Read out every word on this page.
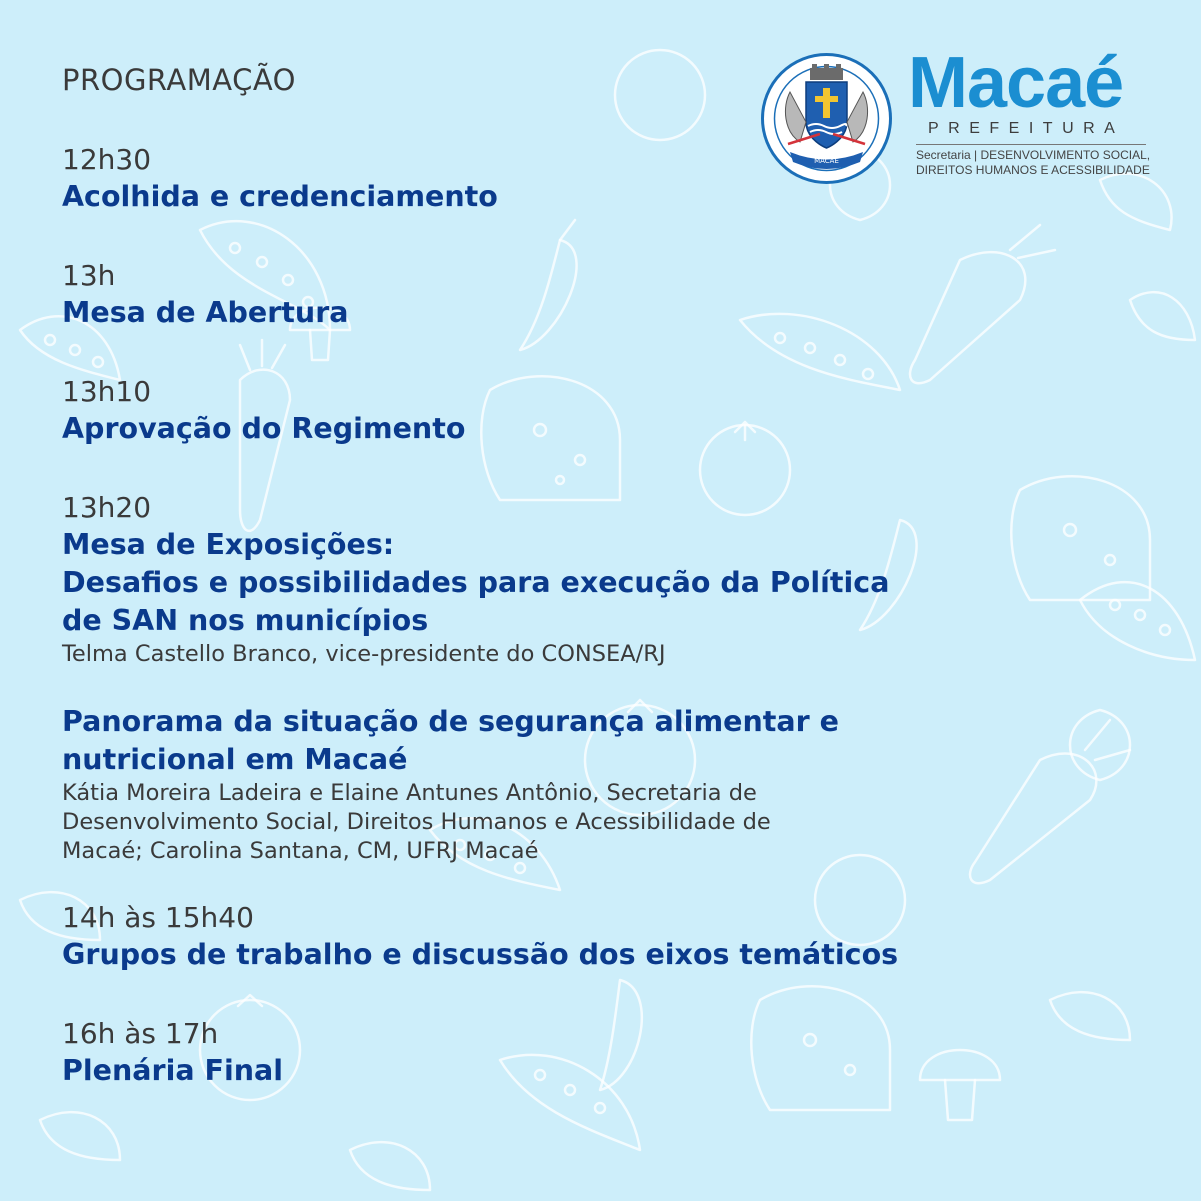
MACAÉ
Macaé
PREFEITURA
Secretaria | DESENVOLVIMENTO SOCIAL,
DIREITOS HUMANOS E ACESSIBILIDADE
PROGRAMAÇÃO
12h30
Acolhida e credenciamento
13h
Mesa de Abertura
13h10
Aprovação do Regimento
13h20
Mesa de Exposições:
Desafios e possibilidades para execução da Política
de SAN nos municípios
Telma Castello Branco, vice-presidente do CONSEA/RJ
Panorama da situação de segurança alimentar e
nutricional em Macaé
Kátia Moreira Ladeira e Elaine Antunes Antônio, Secretaria de
Desenvolvimento Social, Direitos Humanos e Acessibilidade de
Macaé; Carolina Santana, CM, UFRJ Macaé
14h às 15h40
Grupos de trabalho e discussão dos eixos temáticos
16h às 17h
Plenária Final
